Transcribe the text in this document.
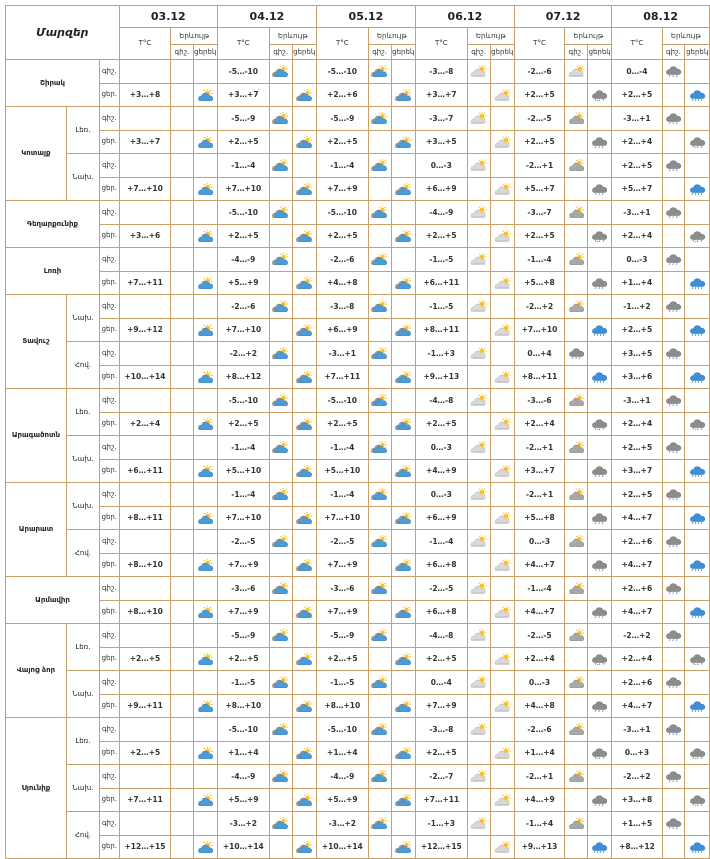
Մարզեր			03.12			04.12			05.12			06.12			07.12			08.12		
			T°C	Երևույթ		T°C	Երևույթ		T°C	Երևույթ		T°C	Երևույթ		T°C	Երևույթ		T°C	Երևույթ	
				գիշ.	ցերեկ		գիշ.	ցերեկ		գիշ.	ցերեկ		գիշ.	ցերեկ		գիշ.	ցերեկ		գիշ.	ցերեկ
Շիրակ		գիշ.				-5…-10			-5…-10			-3…-8			-2…-6			0…-4	

		ցեր.	+3…+8			+3…+7			+2…+6			+3…+7			+2…+5			+2…+5		

Կոտայք	Լեռ.	գիշ.				-5…-9			-5…-9			-3…-7			-2…-5			-3…+1	

		ցեր.	+3…+7			+2…+5			+2…+5			+3…+5			+2…+5			+2…+4		

	Նախ.	գիշ.				-1…-4			-1…-4			0…-3			-2…+1			+2…+5	

		ցեր.	+7…+10			+7…+10			+7…+9			+6…+9			+5…+7			+5…+7		

Գեղարքունիք		գիշ.				-5…-10			-5…-10			-4…-9			-3…-7			-3…+1	

		ցեր.	+3…+6			+2…+5			+2…+5			+2…+5			+2…+5			+2…+4		

Լոռի		գիշ.				-4…-9			-2…-6			-1…-5			-1…-4			0…-3	

		ցեր.	+7…+11			+5…+9			+4…+8			+6…+11			+5…+8			+1…+4		

Տավուշ	Նախ.	գիշ.				-2…-6			-3…-8			-1…-5			-2…+2			-1…+2	

		ցեր.	+9…+12			+7…+10			+6…+9			+8…+11			+7…+10			+2…+5		

	Հով.	գիշ.				-2…+2			-3…+1			-1…+3			0…+4			+3…+5	

		ցեր.	+10…+14			+8…+12			+7…+11			+9…+13			+8…+11			+3…+6		

Արագածոտն	Լեռ.	գիշ.				-5…-10			-5…-10			-4…-8			-3…-6			-3…+1	

		ցեր.	+2…+4			+2…+5			+2…+5			+2…+5			+2…+4			+2…+4		

	Նախ.	գիշ.				-1…-4			-1…-4			0…-3			-2…+1			+2…+5	

		ցեր.	+6…+11			+5…+10			+5…+10			+4…+9			+3…+7			+3…+7		

Արարատ	Նախ.	գիշ.				-1…-4			-1…-4			0…-3			-2…+1			+2…+5	

		ցեր.	+8…+11			+7…+10			+7…+10			+6…+9			+5…+8			+4…+7		

	Հով.	գիշ.				-2…-5			-2…-5			-1…-4			0…-3			+2…+6	

		ցեր.	+8…+10			+7…+9			+7…+9			+6…+8			+4…+7			+4…+7		

Արմավիր		գիշ.				-3…-6			-3…-6			-2…-5			-1…-4			+2…+6	

		ցեր.	+8…+10			+7…+9			+7…+9			+6…+8			+4…+7			+4…+7		

Վայոց ձոր	Լեռ.	գիշ.				-5…-9			-5…-9			-4…-8			-2…-5			-2…+2	

		ցեր.	+2…+5			+2…+5			+2…+5			+2…+5			+2…+4			+2…+4		

	Նախ.	գիշ.				-1…-5			-1…-5			0…-4			0…-3			+2…+6	

		ցեր.	+9…+11			+8…+10			+8…+10			+7…+9			+4…+8			+4…+7		

Սյունիք	Լեռ.	գիշ.				-5…-10			-5…-10			-3…-8			-2…-6			-3…+1	

		ցեր.	+2…+5			+1…+4			+1…+4			+2…+5			+1…+4			0…+3		

	Նախ.	գիշ.				-4…-9			-4…-9			-2…-7			-2…+1			-2…+2	

		ցեր.	+7…+11			+5…+9			+5…+9			+7…+11			+4…+9			+3…+8		

	Հով.	գիշ.				-3…+2			-3…+2			-1…+3			-1…+4			+1…+5	

		ցեր.	+12…+15			+10…+14			+10…+14			+12…+15			+9…+13			+8…+12		
